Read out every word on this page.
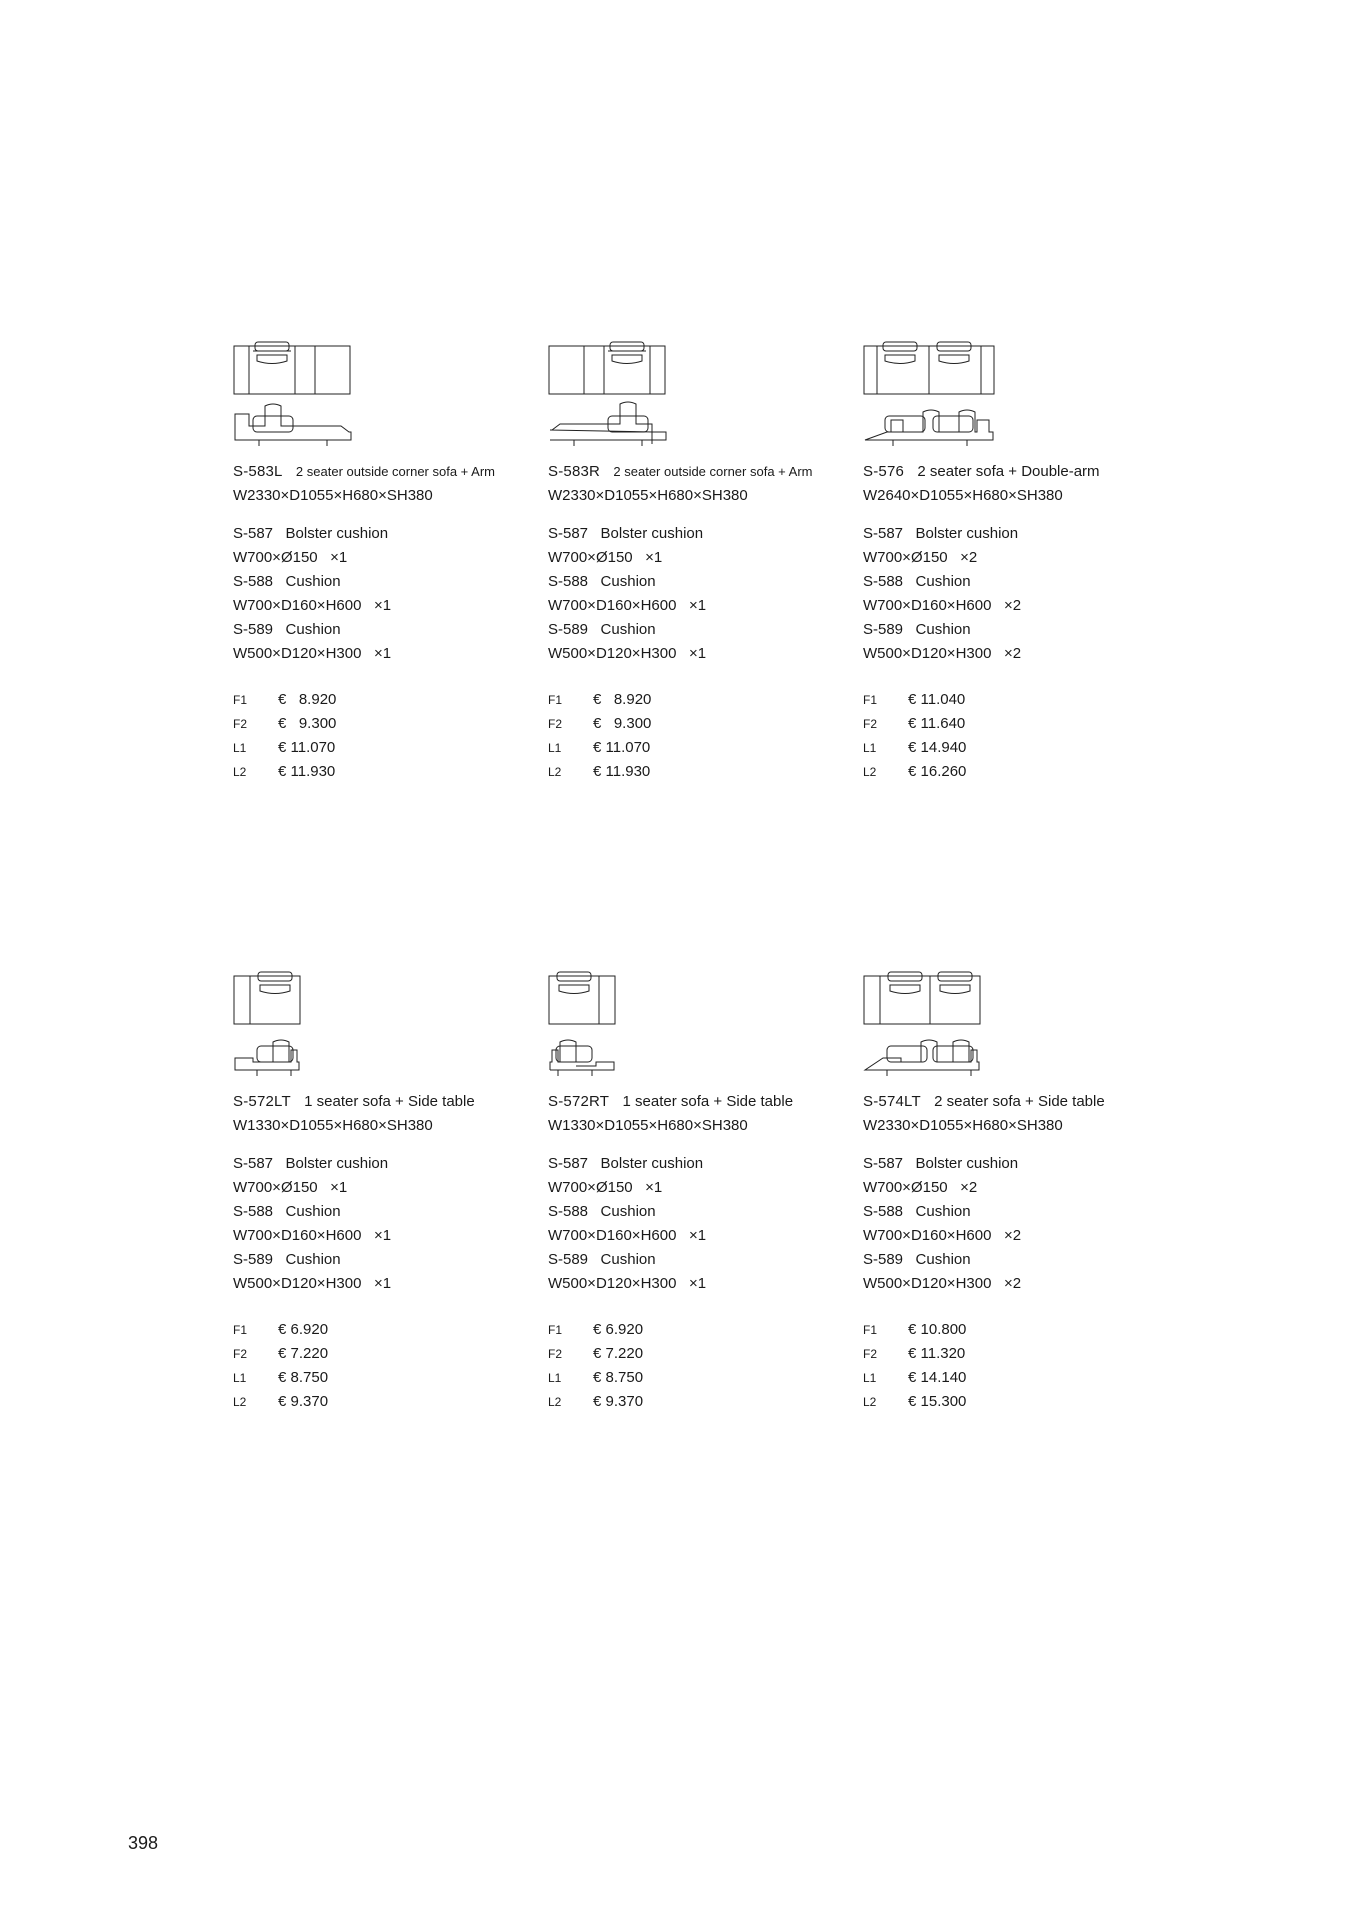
S-583L 2 seater outside corner sofa + Arm
W2330×D1055×H680×SH380
S-587 Bolster cushion
W700×Ø150 ×1
S-588 Cushion
W700×D160×H600 ×1
S-589 Cushion
W500×D120×H300 ×1
F1 €   8.920
F2 €   9.300
L1 € 11.070
L2 € 11.930
S-583R 2 seater outside corner sofa + Arm
W2330×D1055×H680×SH380
S-587 Bolster cushion
W700×Ø150 ×1
S-588 Cushion
W700×D160×H600 ×1
S-589 Cushion
W500×D120×H300 ×1
F1 €   8.920
F2 €   9.300
L1 € 11.070
L2 € 11.930
S-576 2 seater sofa + Double-arm
W2640×D1055×H680×SH380
S-587 Bolster cushion
W700×Ø150 ×2
S-588 Cushion
W700×D160×H600 ×2
S-589 Cushion
W500×D120×H300 ×2
F1 € 11.040
F2 € 11.640
L1 € 14.940
L2 € 16.260
S-572LT 1 seater sofa + Side table
W1330×D1055×H680×SH380
S-587 Bolster cushion
W700×Ø150 ×1
S-588 Cushion
W700×D160×H600 ×1
S-589 Cushion
W500×D120×H300 ×1
F1 € 6.920
F2 € 7.220
L1 € 8.750
L2 € 9.370
S-572RT 1 seater sofa + Side table
W1330×D1055×H680×SH380
S-587 Bolster cushion
W700×Ø150 ×1
S-588 Cushion
W700×D160×H600 ×1
S-589 Cushion
W500×D120×H300 ×1
F1 € 6.920
F2 € 7.220
L1 € 8.750
L2 € 9.370
S-574LT 2 seater sofa + Side table
W2330×D1055×H680×SH380
S-587 Bolster cushion
W700×Ø150 ×2
S-588 Cushion
W700×D160×H600 ×2
S-589 Cushion
W500×D120×H300 ×2
F1 € 10.800
F2 € 11.320
L1 € 14.140
L2 € 15.300
398
